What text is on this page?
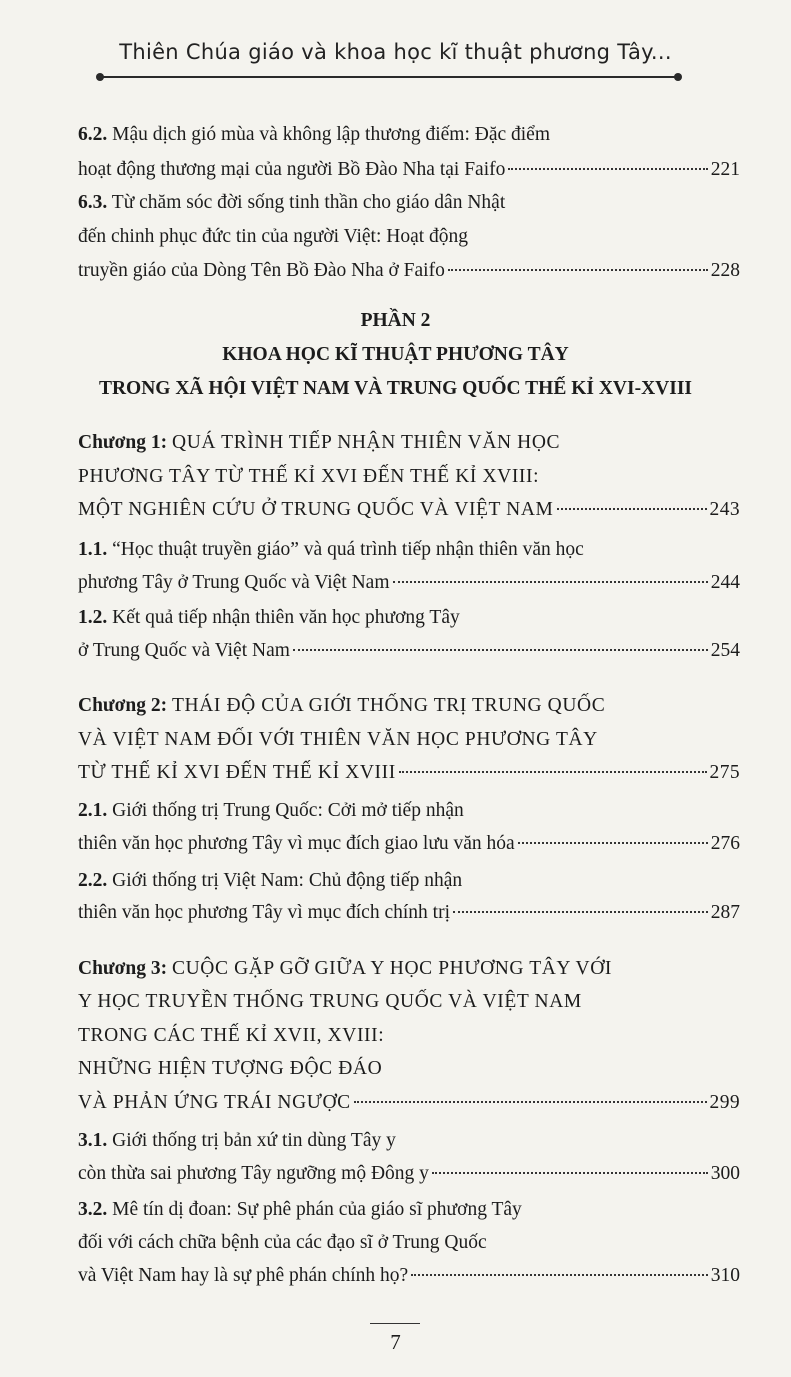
Thiên Chúa giáo và khoa học kĩ thuật phương Tây...
6.2. Mậu dịch gió mùa và không lập thương điếm: Đặc điểm
hoạt động thương mại của người Bồ Đào Nha tại Faifo	221
6.3. Từ chăm sóc đời sống tinh thần cho giáo dân Nhật
đến chinh phục đức tin của người Việt: Hoạt động
truyền giáo của Dòng Tên Bồ Đào Nha ở Faifo	228
PHẦN 2
KHOA HỌC KĨ THUẬT PHƯƠNG TÂY
TRONG XÃ HỘI VIỆT NAM VÀ TRUNG QUỐC THẾ KỈ XVI-XVIII
Chương 1: QUÁ TRÌNH TIẾP NHẬN THIÊN VĂN HỌC
PHƯƠNG TÂY TỪ THẾ KỈ XVI ĐẾN THẾ KỈ XVIII:
MỘT NGHIÊN CỨU Ở TRUNG QUỐC VÀ VIỆT NAM	243
1.1. “Học thuật truyền giáo” và quá trình tiếp nhận thiên văn học
phương Tây ở Trung Quốc và Việt Nam	244
1.2. Kết quả tiếp nhận thiên văn học phương Tây
ở Trung Quốc và Việt Nam	254
Chương 2: THÁI ĐỘ CỦA GIỚI THỐNG TRỊ TRUNG QUỐC
VÀ VIỆT NAM ĐỐI VỚI THIÊN VĂN HỌC PHƯƠNG TÂY
TỪ THẾ KỈ XVI ĐẾN THẾ KỈ XVIII	275
2.1. Giới thống trị Trung Quốc: Cởi mở tiếp nhận
thiên văn học phương Tây vì mục đích giao lưu văn hóa	276
2.2. Giới thống trị Việt Nam: Chủ động tiếp nhận
thiên văn học phương Tây vì mục đích chính trị	287
Chương 3: CUỘC GẶP GỠ GIỮA Y HỌC PHƯƠNG TÂY VỚI
Y HỌC TRUYỀN THỐNG TRUNG QUỐC VÀ VIỆT NAM
TRONG CÁC THẾ KỈ XVII, XVIII:
NHỮNG HIỆN TƯỢNG ĐỘC ĐÁO
VÀ PHẢN ỨNG TRÁI NGƯỢC	299
3.1. Giới thống trị bản xứ tin dùng Tây y
còn thừa sai phương Tây ngưỡng mộ Đông y	300
3.2. Mê tín dị đoan: Sự phê phán của giáo sĩ phương Tây
đối với cách chữa bệnh của các đạo sĩ ở Trung Quốc
và Việt Nam hay là sự phê phán chính họ?	310
7
